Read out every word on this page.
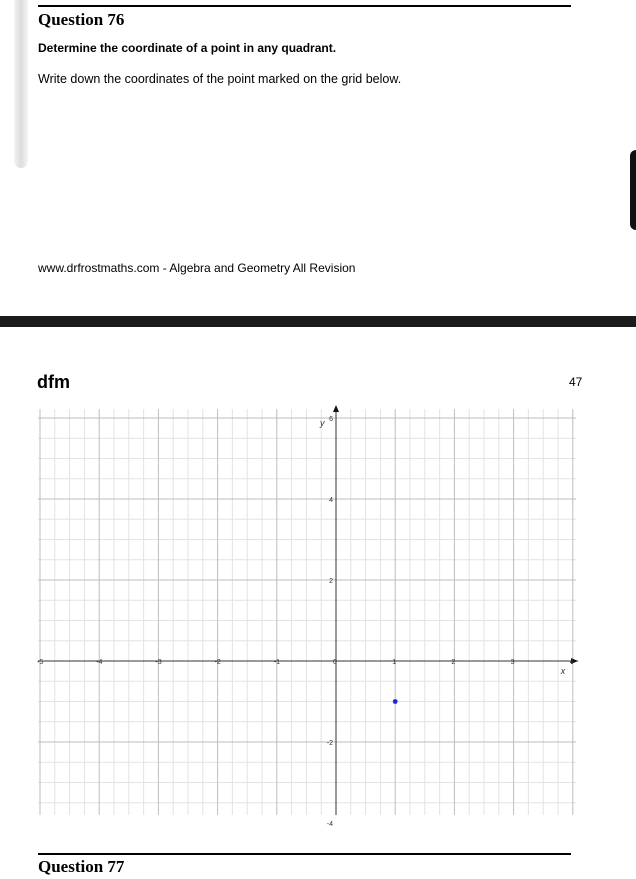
Question 76
Determine the coordinate of a point in any quadrant.
Write down the coordinates of the point marked on the grid below.
www.drfrostmaths.com - Algebra and Geometry All Revision
dfm	47
-5	-4	-3	-2	-1	0	1	2	3	4
6
4
2
-2
-4
x
y
Question 77
